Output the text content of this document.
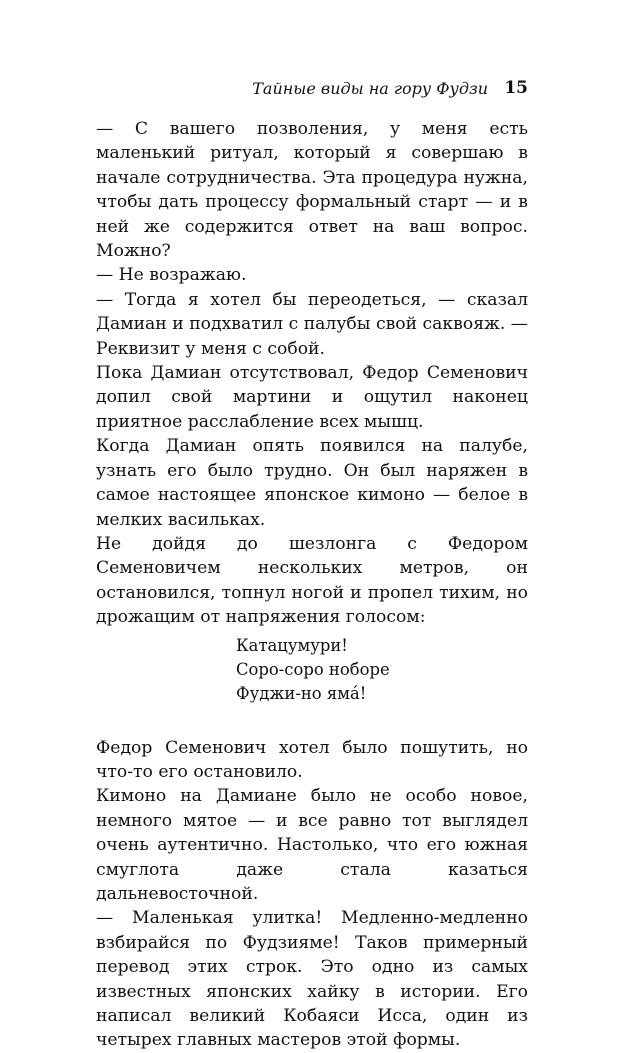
Тайные виды на гору Фудзи 15

— С вашего позволения, у меня есть маленький ритуал, который я совершаю в начале сотрудничества. Эта процедура нужна, чтобы дать процессу формальный старт — и в ней же содержится ответ на ваш вопрос. Можно?

— Не возражаю.

— Тогда я хотел бы переодеться, — сказал Дамиан и подхватил с палубы свой саквояж. — Реквизит у меня с собой.

Пока Дамиан отсутствовал, Федор Семенович допил свой мартини и ощутил наконец приятное расслабление всех мышц.

Когда Дамиан опять появился на палубе, узнать его было трудно. Он был наряжен в самое настоящее японское кимоно — белое в мелких васильках.

Не дойдя до шезлонга с Федором Семеновичем нескольких метров, он остановился, топнул ногой и пропел тихим, но дрожащим от напряжения голосом:

Катацумури!
Соро-соро ноборе
Фуджи-но ямá!

Федор Семенович хотел было пошутить, но что-то его остановило.

Кимоно на Дамиане было не особо новое, немного мятое — и все равно тот выглядел очень аутентично. Настолько, что его южная смуглота даже стала казаться дальневосточной.

— Маленькая улитка! Медленно-медленно взбирайся по Фудзияме! Таков примерный перевод этих строк. Это одно из самых известных японских хайку в истории. Его написал великий Кобаяси Исса, один из четырех главных мастеров этой формы.
